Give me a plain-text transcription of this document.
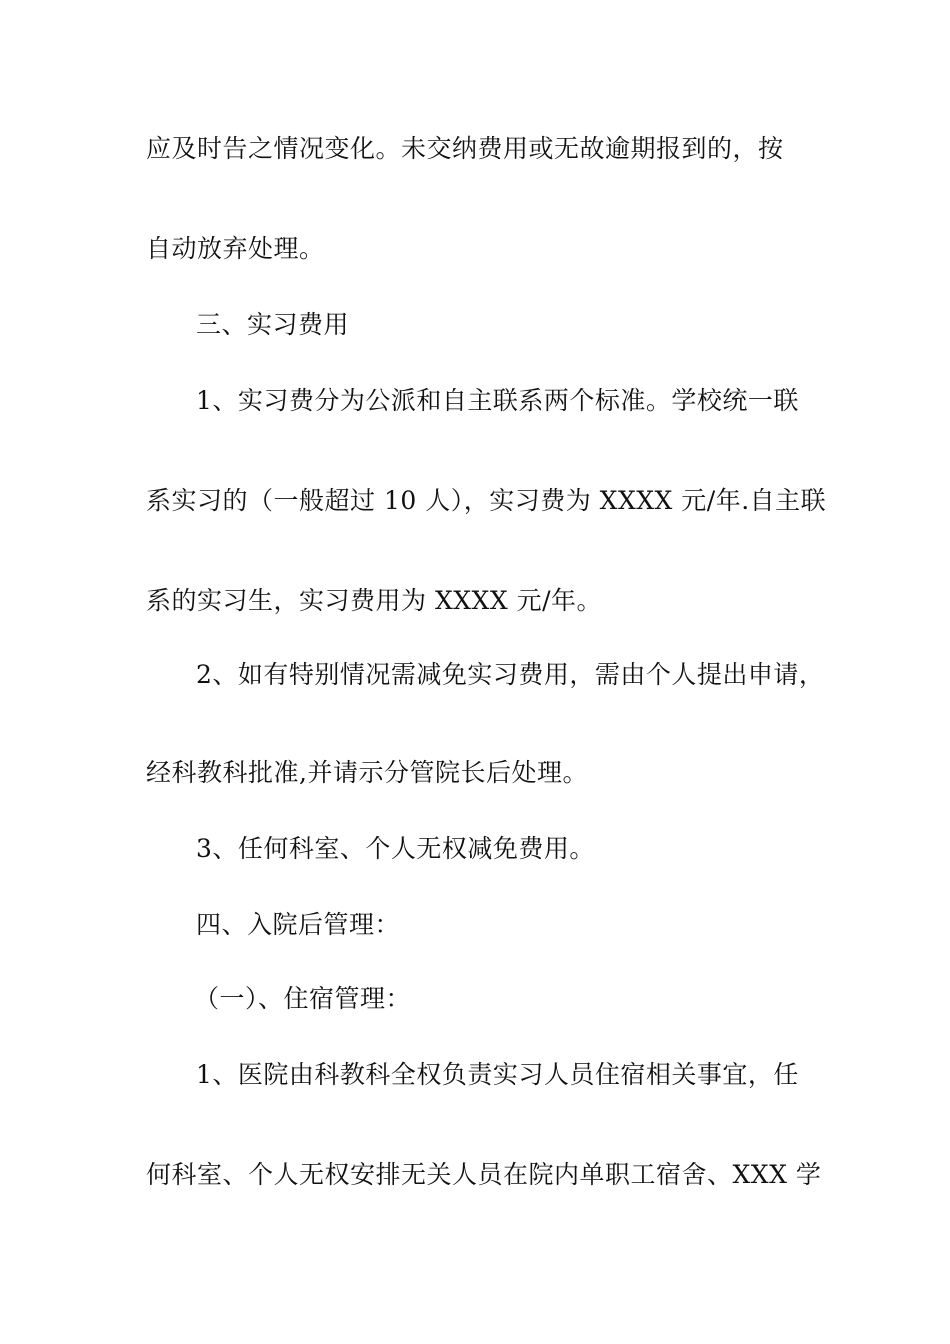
应及时告之情况变化。未交纳费用或无故逾期报到的，按

自动放弃处理。

三、实习费用

1、实习费分为公派和自主联系两个标准。学校统一联

系实习的（一般超过 10 人），实习费为 XXXX 元/年.自主联

系的实习生，实习费用为 XXXX 元/年。

2、如有特别情况需减免实习费用，需由个人提出申请，

经科教科批准,并请示分管院长后处理。

3、任何科室、个人无权减免费用。

四、入院后管理：

（一）、住宿管理：

1、医院由科教科全权负责实习人员住宿相关事宜，任

何科室、个人无权安排无关人员在院内单职工宿舍、XXX 学
